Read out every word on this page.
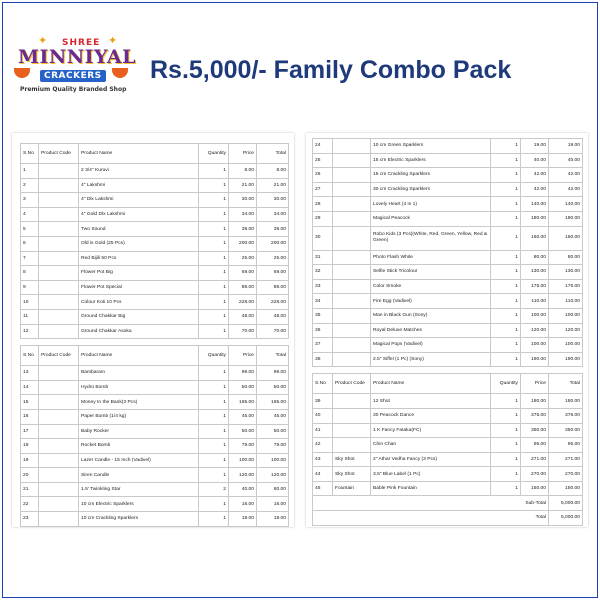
✦	✦
SHREE
MINNIYAL
CRACKERS
Premium Quality Branded Shop
Rs.5,000/- Family Combo Pack
S.No	Product Code	Product Name	Quantity	Price	Total
1		2 3/4" Kuruvi	1	8.00	8.00
2		4" Lakshmi	1	21.00	21.00
3		4" Dlx Lakshmi	1	30.00	30.00
4		4" Gold Dlx Lakshmi	1	34.00	34.00
5		Two Sound	1	38.00	38.00
6		Old is Gold (25 Pcs)	1	200.00	200.00
7		Red Bijili 50 Pcs	1	25.00	25.00
8		Flower Pot Big	1	69.00	69.00
9		Flower Pot Special	1	88.00	88.00
10		Colour Koti 10 Pcs	1	228.00	228.00
11		Ground Chakkar Big	1	48.00	48.00
12		Ground Chakkar Asoka	1	70.00	70.00

S.No	Product Code	Product Name	Quantity	Price	Total
13		Bambaram	1	99.00	99.00
14		Hydro Bomb	1	50.00	50.00
15		Money In the Bank(3 Pcs)	1	165.00	165.00
16		Paper Bomb (1/4 kg)	1	45.00	45.00
17		Baby Rocker	1	50.00	50.00
18		Rocket Bomb	1	79.00	79.00
19		Lazer Candle - 15 Inch (Vadivel)	1	100.00	100.00
20		Siren Candle	1	120.00	120.00
21		1.5' Twinkling Star	2	40.00	80.00
22		10 cm Electric Sparklers	1	16.00	16.00
23		10 cm Crackling Sparklers	1	18.00	18.00
24		10 cm Green Sparklers	1	19.00	19.00
25		15 cm Electric Sparklers	1	40.00	40.00
26		15 cm Crackling Sparklers	1	42.00	42.00
27		30 cm Crackling Sparklers	1	42.00	42.00
28		Lovely Heart (4 in 1)	1	140.00	140.00
29		Magical Peacock	1	180.00	180.00
30		Robo Kids (3 Pcs)(White, Red, Green, Yellow, Red & Green)	1	160.00	160.00
31		Photo Flash White	1	80.00	80.00
32		Selfie Stick Tricolour	1	130.00	130.00
33		Color Smoke	1	175.00	175.00
34		Fire Egg (Vadivel)	1	110.00	110.00
35		Man in Black Gun (Sony)	1	100.00	100.00
36		Royal Deluxe Matches	1	120.00	120.00
37		Magical Pops (Vadivel)	1	100.00	100.00
38		2.5" Siffel (1 Pc) (Sony)	1	190.00	190.00

S.No	Product Code	Product Name	Quantity	Price	Total
39		12 Shot	1	180.00	180.00
40		30 Peacock Dance	1	375.00	375.00
41		1 K Fancy Fataka(FC)	1	350.00	350.00
42		Chin Chan	1	95.00	95.00
43	Sky Shot	2" Athar Vedha Fancy (3 Pcs)	1	271.00	271.00
44	Sky Shot	3.5" Blue Label (1 Pc)	1	270.00	270.00
45	Fountain	Bable Pink Fountain	1	150.00	150.00
Sub-Total					5,000.00
Total					5,000.00
